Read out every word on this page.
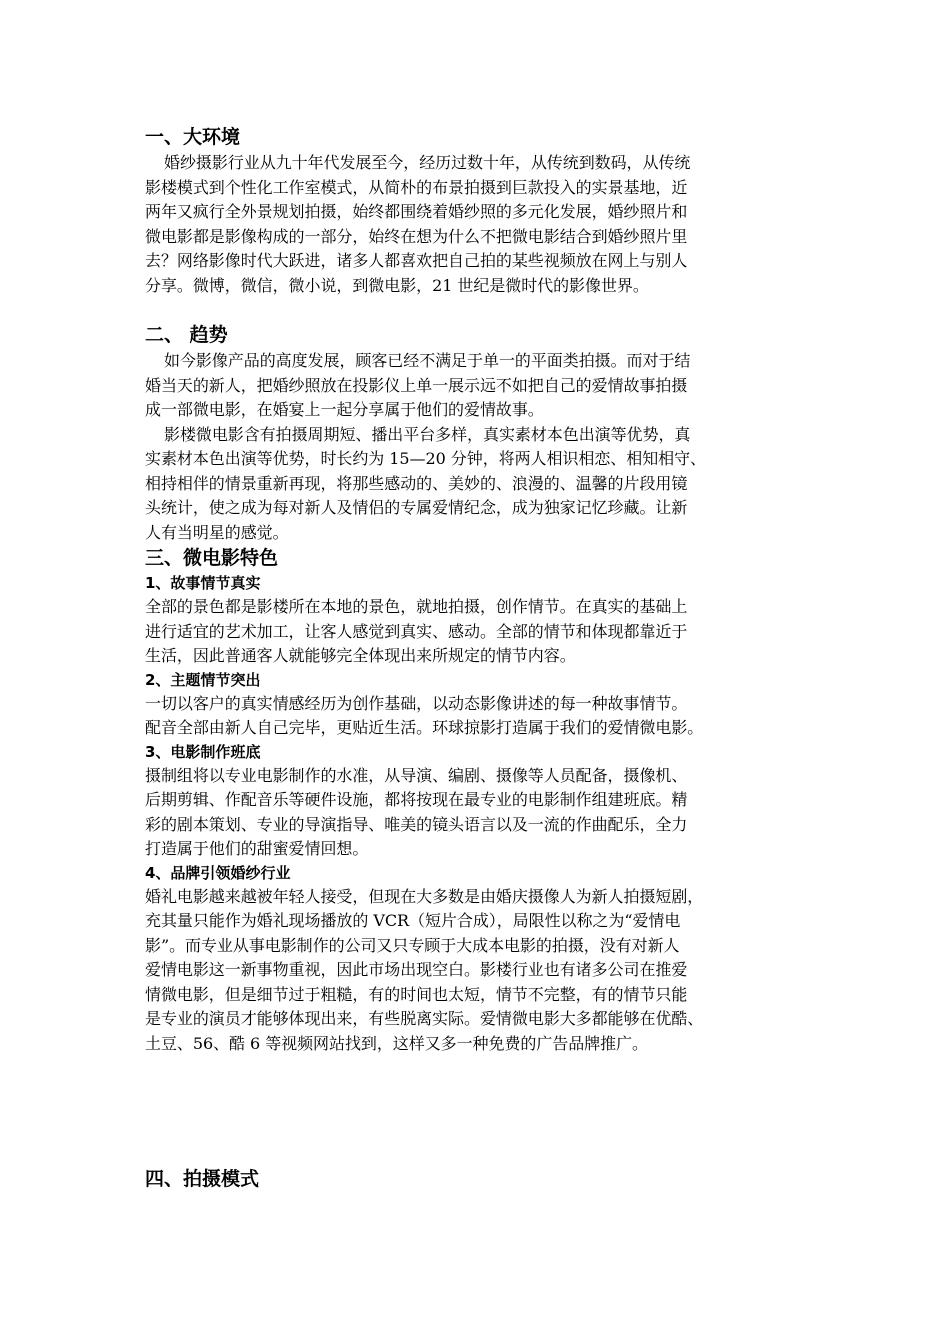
一、大环境
婚纱摄影行业从九十年代发展至今，经历过数十年，从传统到数码，从传统
影楼模式到个性化工作室模式，从简朴的布景拍摄到巨款投入的实景基地，近
两年又疯行全外景规划拍摄，始终都围绕着婚纱照的多元化发展，婚纱照片和
微电影都是影像构成的一部分，始终在想为什么不把微电影结合到婚纱照片里
去？网络影像时代大跃进，诸多人都喜欢把自己拍的某些视频放在网上与别人
分享。微博，微信，微小说，到微电影，21 世纪是微时代的影像世界。
二、 趋势
如今影像产品的高度发展，顾客已经不满足于单一的平面类拍摄。而对于结
婚当天的新人，把婚纱照放在投影仪上单一展示远不如把自己的爱情故事拍摄
成一部微电影，在婚宴上一起分享属于他们的爱情故事。
影楼微电影含有拍摄周期短、播出平台多样，真实素材本色出演等优势，真
实素材本色出演等优势，时长约为 15—20 分钟，将两人相识相恋、相知相守、
相持相伴的情景重新再现，将那些感动的、美妙的、浪漫的、温馨的片段用镜
头统计，使之成为每对新人及情侣的专属爱情纪念，成为独家记忆珍藏。让新
人有当明星的感觉。
三、微电影特色
1、故事情节真实
全部的景色都是影楼所在本地的景色，就地拍摄，创作情节。在真实的基础上
进行适宜的艺术加工，让客人感觉到真实、感动。全部的情节和体现都靠近于
生活，因此普通客人就能够完全体现出来所规定的情节内容。
2、主题情节突出
一切以客户的真实情感经历为创作基础，以动态影像讲述的每一种故事情节。
配音全部由新人自己完毕，更贴近生活。环球掠影打造属于我们的爱情微电影。
3、电影制作班底
摄制组将以专业电影制作的水准，从导演、编剧、摄像等人员配备，摄像机、
后期剪辑、作配音乐等硬件设施，都将按现在最专业的电影制作组建班底。精
彩的剧本策划、专业的导演指导、唯美的镜头语言以及一流的作曲配乐，全力
打造属于他们的甜蜜爱情回想。
4、品牌引领婚纱行业
婚礼电影越来越被年轻人接受，但现在大多数是由婚庆摄像人为新人拍摄短剧，
充其量只能作为婚礼现场播放的 VCR（短片合成），局限性以称之为“爱情电
影”。而专业从事电影制作的公司又只专顾于大成本电影的拍摄，没有对新人
爱情电影这一新事物重视，因此市场出现空白。影楼行业也有诸多公司在推爱
情微电影，但是细节过于粗糙，有的时间也太短，情节不完整，有的情节只能
是专业的演员才能够体现出来，有些脱离实际。爱情微电影大多都能够在优酷、
土豆、56、酷 6 等视频网站找到，这样又多一种免费的广告品牌推广。
四、拍摄模式
